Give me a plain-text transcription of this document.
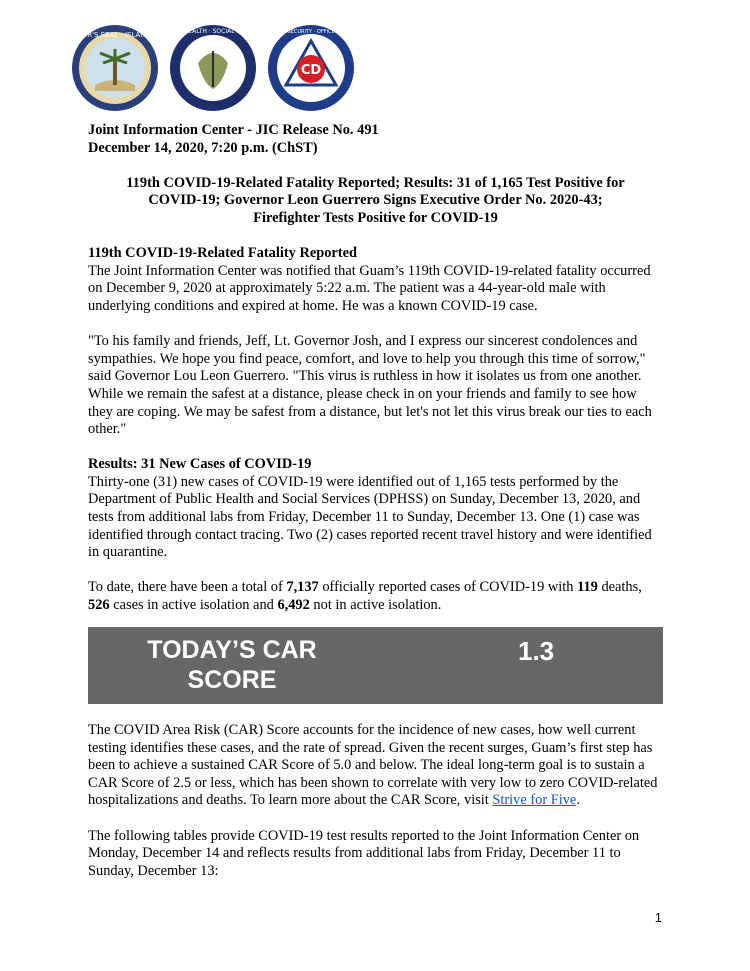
GOVERNOR'S SEAL · ISLAN GUAHAN
PUBLIC HEALTH · SOCIAL SERVICES
CD
GUAM HOMELAND SECURITY · OFFICE OF CIVIL DEFENSE

Joint Information Center - JIC Release No. 491

December 14, 2020, 7:20 p.m. (ChST)

119th COVID-19-Related Fatality Reported; Results: 31 of 1,165 Test Positive for

COVID-19; Governor Leon Guerrero Signs Executive Order No. 2020-43;

Firefighter Tests Positive for COVID-19

119th COVID-19-Related Fatality Reported

The Joint Information Center was notified that Guam’s 119th COVID-19-related fatality occurred on December 9, 2020 at approximately 5:22 a.m. The patient was a 44-year-old male with underlying conditions and expired at home. He was a known COVID-19 case.

"To his family and friends, Jeff, Lt. Governor Josh, and I express our sincerest condolences and sympathies. We hope you find peace, comfort, and love to help you through this time of sorrow," said Governor Lou Leon Guerrero. "This virus is ruthless in how it isolates us from one another. While we remain the safest at a distance, please check in on your friends and family to see how they are coping. We may be safest from a distance, but let's not let this virus break our ties to each other."

Results: 31 New Cases of COVID-19

Thirty-one (31) new cases of COVID-19 were identified out of 1,165 tests performed by the Department of Public Health and Social Services (DPHSS) on Sunday, December 13, 2020, and tests from additional labs from Friday, December 11 to Sunday, December 13. One (1) case was identified through contact tracing. Two (2) cases reported recent travel history and were identified in quarantine.

To date, there have been a total of 7,137 officially reported cases of COVID-19 with 119 deaths, 526 cases in active isolation and 6,492 not in active isolation.

TODAY’S CAR
SCORE
1.3

The COVID Area Risk (CAR) Score accounts for the incidence of new cases, how well current testing identifies these cases, and the rate of spread. Given the recent surges, Guam’s first step has been to achieve a sustained CAR Score of 5.0 and below. The ideal long-term goal is to sustain a CAR Score of 2.5 or less, which has been shown to correlate with very low to zero COVID-related hospitalizations and deaths. To learn more about the CAR Score, visit Strive for Five.

The following tables provide COVID-19 test results reported to the Joint Information Center on Monday, December 14 and reflects results from additional labs from Friday, December 11 to Sunday, December 13:

1
